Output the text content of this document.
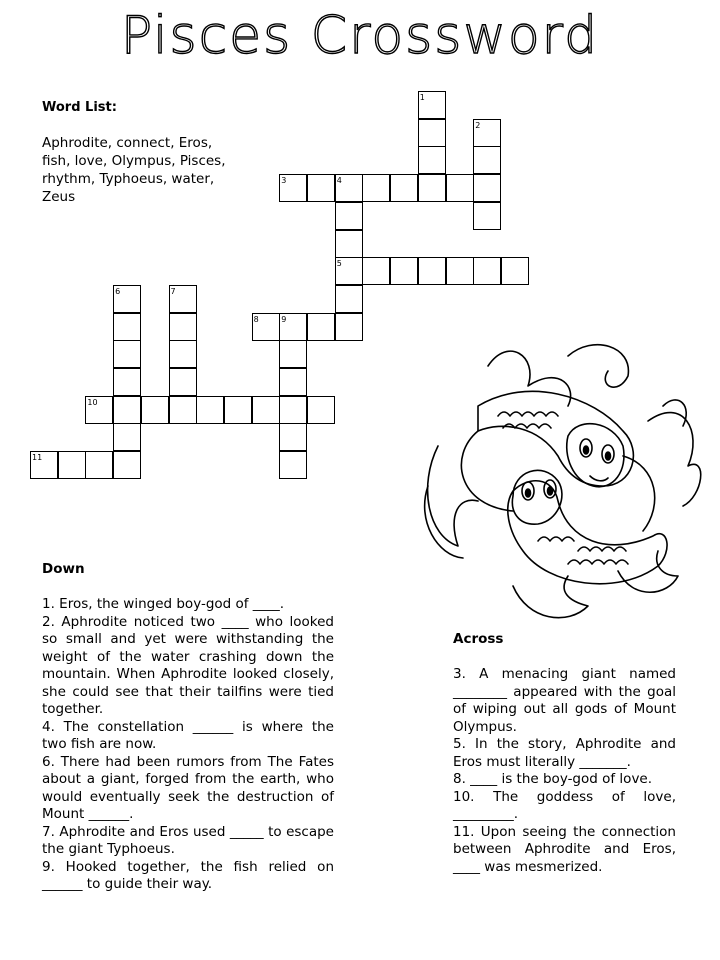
Pisces Crossword
Word List:
Aphrodite, connect, Eros, fish, love, Olympus, Pisces, rhythm, Typhoeus, water, Zeus
1
2
3	4
5
6	7
8	9
10
11
Down

1. Eros, the winged boy-god of ____.

2. Aphrodite noticed two ____ who looked so small and yet were withstanding the weight of the water crashing down the mountain. When Aphrodite looked closely, she could see that their tailfins were tied together.

4. The constellation ______ is where the two fish are now.

6. There had been rumors from The Fates about a giant, forged from the earth, who would eventually seek the destruction of Mount ______.

7. Aphrodite and Eros used _____ to escape the giant Typhoeus.

9. Hooked together, the fish relied on ______ to guide their way.

Across

3. A menacing giant named ________ appeared with the goal of wiping out all gods of Mount Olympus.

5. In the story, Aphrodite and Eros must literally _______.

8. ____ is the boy-god of love.

10. The goddess of love, _________.

11. Upon seeing the connection between Aphrodite and Eros, ____ was mesmerized.
